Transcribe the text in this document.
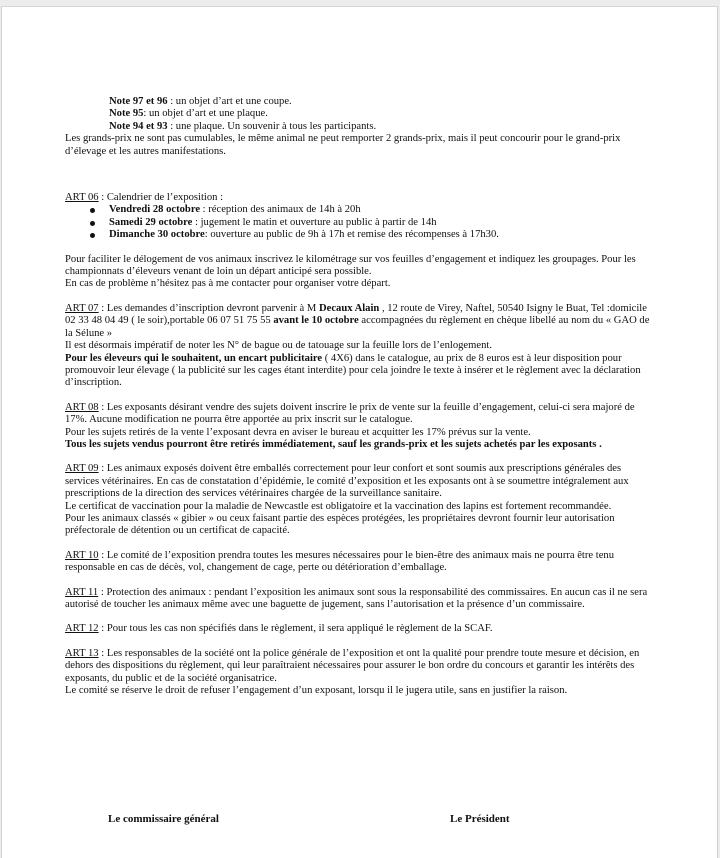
Note 97 et 96 : un objet d’art et une coupe.

Note 95: un objet d’art et une plaque.

Note 94 et 93 : une plaque. Un souvenir à tous les participants.

Les grands-prix ne sont pas cumulables, le même animal ne peut remporter 2 grands-prix, mais il peut concourir pour le grand-prix d’élevage et les autres manifestations.

ART 06 : Calendrier de l’exposition :

Vendredi 28 octobre : réception des animaux de 14h à 20h
Samedi 29 octobre : jugement le matin et ouverture au public à partir de 14h
Dimanche 30 octobre: ouverture au public de 9h à 17h et remise des récompenses à 17h30.

Pour faciliter le délogement de vos animaux inscrivez le kilométrage sur vos feuilles d’engagement et indiquez les groupages. Pour les championnats d’éleveurs venant de loin un départ anticipé sera possible.

En cas de problème n’hésitez pas à me contacter pour organiser votre départ.

ART 07 : Les demandes d’inscription devront parvenir à M Decaux Alain , 12 route de Virey, Naftel, 50540 Isigny le Buat, Tel :domicile 02 33 48 04 49 ( le soir),portable 06 07 51 75 55 avant le 10 octobre accompagnées du règlement en chèque libellé au nom du « GAO de la Sélune »

Il est désormais impératif de noter les N° de bague ou de tatouage sur la feuille lors de l’enlogement.

Pour les éleveurs qui le souhaitent, un encart publicitaire ( 4X6) dans le catalogue, au prix de 8 euros est à leur disposition pour promouvoir leur élevage ( la publicité sur les cages étant interdite) pour cela joindre le texte à insérer et le règlement avec la déclaration d’inscription.

ART 08 : Les exposants désirant vendre des sujets doivent inscrire le prix de vente sur la feuille d’engagement, celui-ci sera majoré de 17%. Aucune modification ne pourra être apportée au prix inscrit sur le catalogue.

Pour les sujets retirés de la vente l’exposant devra en aviser le bureau et acquitter les 17% prévus sur la vente.

Tous les sujets vendus pourront être retirés immédiatement, sauf les grands-prix et les sujets achetés par les exposants .

ART 09 : Les animaux exposés doivent être emballés correctement pour leur confort et sont soumis aux prescriptions générales des services vétérinaires. En cas de constatation d’épidémie, le comité d’exposition et les exposants ont à se soumettre intégralement aux prescriptions de la direction des services vétérinaires chargée de la surveillance sanitaire.

Le certificat de vaccination pour la maladie de Newcastle est obligatoire et la vaccination des lapins est fortement recommandée.

Pour les animaux classés « gibier » ou ceux faisant partie des espèces protégées, les propriétaires devront fournir leur autorisation préfectorale de détention ou un certificat de capacité.

ART 10 : Le comité de l’exposition prendra toutes les mesures nécessaires pour le bien-être des animaux mais ne pourra être tenu responsable en cas de décès, vol, changement de cage, perte ou détérioration d’emballage.

ART 11 : Protection des animaux : pendant l’exposition les animaux sont sous la responsabilité des commissaires. En aucun cas il ne sera autorisé de toucher les animaux même avec une baguette de jugement, sans l’autorisation et la présence d’un commissaire.

ART 12 : Pour tous les cas non spécifiés dans le règlement, il sera appliqué le règlement de la SCAF.

ART 13 : Les responsables de la société ont la police générale de l’exposition et ont la qualité pour prendre toute mesure et décision, en dehors des dispositions du règlement, qui leur paraîtraient nécessaires pour assurer le bon ordre du concours et garantir les intérêts des exposants, du public et de la société organisatrice.

Le comité se réserve le droit de refuser l’engagement d’un exposant, lorsqu il le jugera utile, sans en justifier la raison.

Le commissaire général	Le Président
